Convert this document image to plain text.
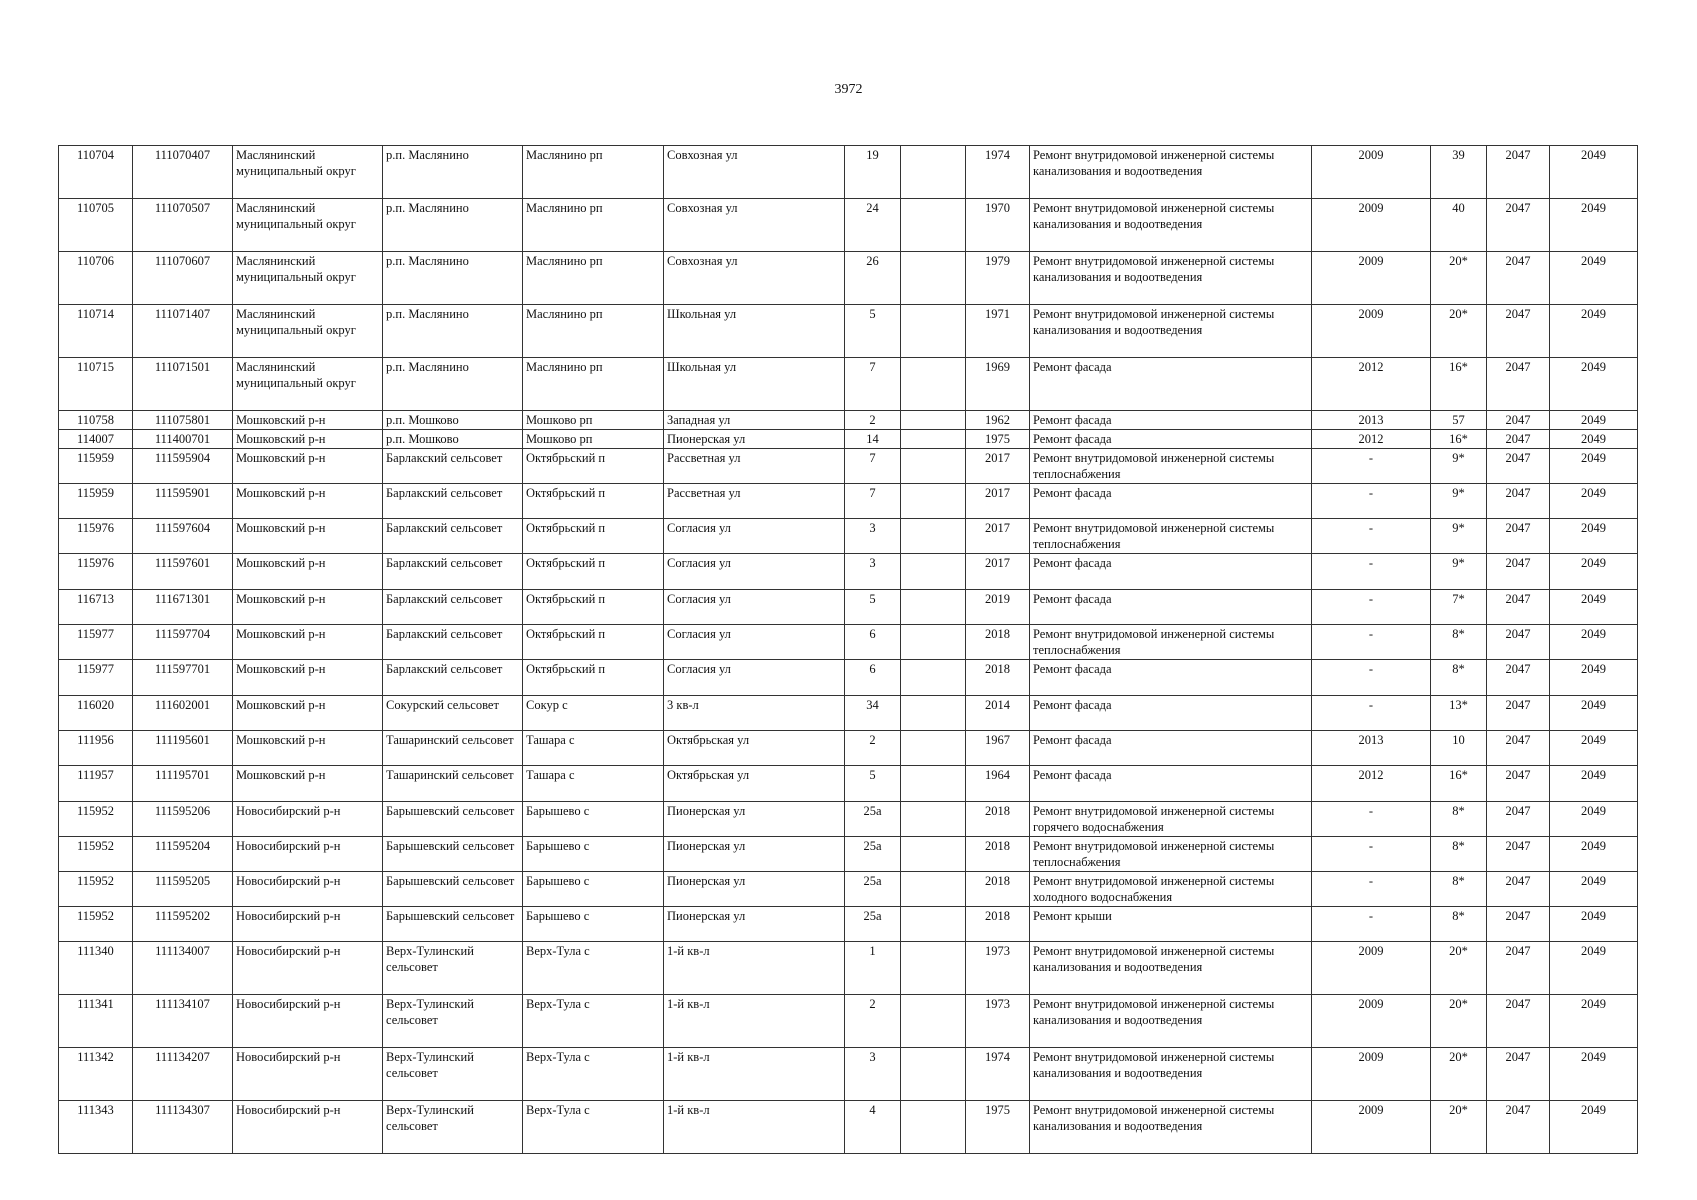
3972
110704	111070407	Маслянинский муниципальный округ	р.п. Маслянино	Маслянино рп	Совхозная ул	19		1974	Ремонт внутридомовой инженерной системы канализования и водоотведения	2009	39	2047	2049
110705	111070507	Маслянинский муниципальный округ	р.п. Маслянино	Маслянино рп	Совхозная ул	24		1970	Ремонт внутридомовой инженерной системы канализования и водоотведения	2009	40	2047	2049
110706	111070607	Маслянинский муниципальный округ	р.п. Маслянино	Маслянино рп	Совхозная ул	26		1979	Ремонт внутридомовой инженерной системы канализования и водоотведения	2009	20*	2047	2049
110714	111071407	Маслянинский муниципальный округ	р.п. Маслянино	Маслянино рп	Школьная ул	5		1971	Ремонт внутридомовой инженерной системы канализования и водоотведения	2009	20*	2047	2049
110715	111071501	Маслянинский муниципальный округ	р.п. Маслянино	Маслянино рп	Школьная ул	7		1969	Ремонт фасада	2012	16*	2047	2049
110758	111075801	Мошковский р-н	р.п. Мошково	Мошково рп	Западная ул	2		1962	Ремонт фасада	2013	57	2047	2049
114007	111400701	Мошковский р-н	р.п. Мошково	Мошково рп	Пионерская ул	14		1975	Ремонт фасада	2012	16*	2047	2049
115959	111595904	Мошковский р-н	Барлакский сельсовет	Октябрьский п	Рассветная ул	7		2017	Ремонт внутридомовой инженерной системы теплоснабжения	-	9*	2047	2049
115959	111595901	Мошковский р-н	Барлакский сельсовет	Октябрьский п	Рассветная ул	7		2017	Ремонт фасада	-	9*	2047	2049
115976	111597604	Мошковский р-н	Барлакский сельсовет	Октябрьский п	Согласия ул	3		2017	Ремонт внутридомовой инженерной системы теплоснабжения	-	9*	2047	2049
115976	111597601	Мошковский р-н	Барлакский сельсовет	Октябрьский п	Согласия ул	3		2017	Ремонт фасада	-	9*	2047	2049
116713	111671301	Мошковский р-н	Барлакский сельсовет	Октябрьский п	Согласия ул	5		2019	Ремонт фасада	-	7*	2047	2049
115977	111597704	Мошковский р-н	Барлакский сельсовет	Октябрьский п	Согласия ул	6		2018	Ремонт внутридомовой инженерной системы теплоснабжения	-	8*	2047	2049
115977	111597701	Мошковский р-н	Барлакский сельсовет	Октябрьский п	Согласия ул	6		2018	Ремонт фасада	-	8*	2047	2049
116020	111602001	Мошковский р-н	Сокурский сельсовет	Сокур с	3 кв-л	34		2014	Ремонт фасада	-	13*	2047	2049
111956	111195601	Мошковский р-н	Ташаринский сельсовет	Ташара с	Октябрьская ул	2		1967	Ремонт фасада	2013	10	2047	2049
111957	111195701	Мошковский р-н	Ташаринский сельсовет	Ташара с	Октябрьская ул	5		1964	Ремонт фасада	2012	16*	2047	2049
115952	111595206	Новосибирский р-н	Барышевский сельсовет	Барышево с	Пионерская ул	25а		2018	Ремонт внутридомовой инженерной системы горячего водоснабжения	-	8*	2047	2049
115952	111595204	Новосибирский р-н	Барышевский сельсовет	Барышево с	Пионерская ул	25а		2018	Ремонт внутридомовой инженерной системы теплоснабжения	-	8*	2047	2049
115952	111595205	Новосибирский р-н	Барышевский сельсовет	Барышево с	Пионерская ул	25а		2018	Ремонт внутридомовой инженерной системы холодного водоснабжения	-	8*	2047	2049
115952	111595202	Новосибирский р-н	Барышевский сельсовет	Барышево с	Пионерская ул	25а		2018	Ремонт крыши	-	8*	2047	2049
111340	111134007	Новосибирский р-н	Верх-Тулинский сельсовет	Верх-Тула с	1-й кв-л	1		1973	Ремонт внутридомовой инженерной системы канализования и водоотведения	2009	20*	2047	2049
111341	111134107	Новосибирский р-н	Верх-Тулинский сельсовет	Верх-Тула с	1-й кв-л	2		1973	Ремонт внутридомовой инженерной системы канализования и водоотведения	2009	20*	2047	2049
111342	111134207	Новосибирский р-н	Верх-Тулинский сельсовет	Верх-Тула с	1-й кв-л	3		1974	Ремонт внутридомовой инженерной системы канализования и водоотведения	2009	20*	2047	2049
111343	111134307	Новосибирский р-н	Верх-Тулинский сельсовет	Верх-Тула с	1-й кв-л	4		1975	Ремонт внутридомовой инженерной системы канализования и водоотведения	2009	20*	2047	2049
